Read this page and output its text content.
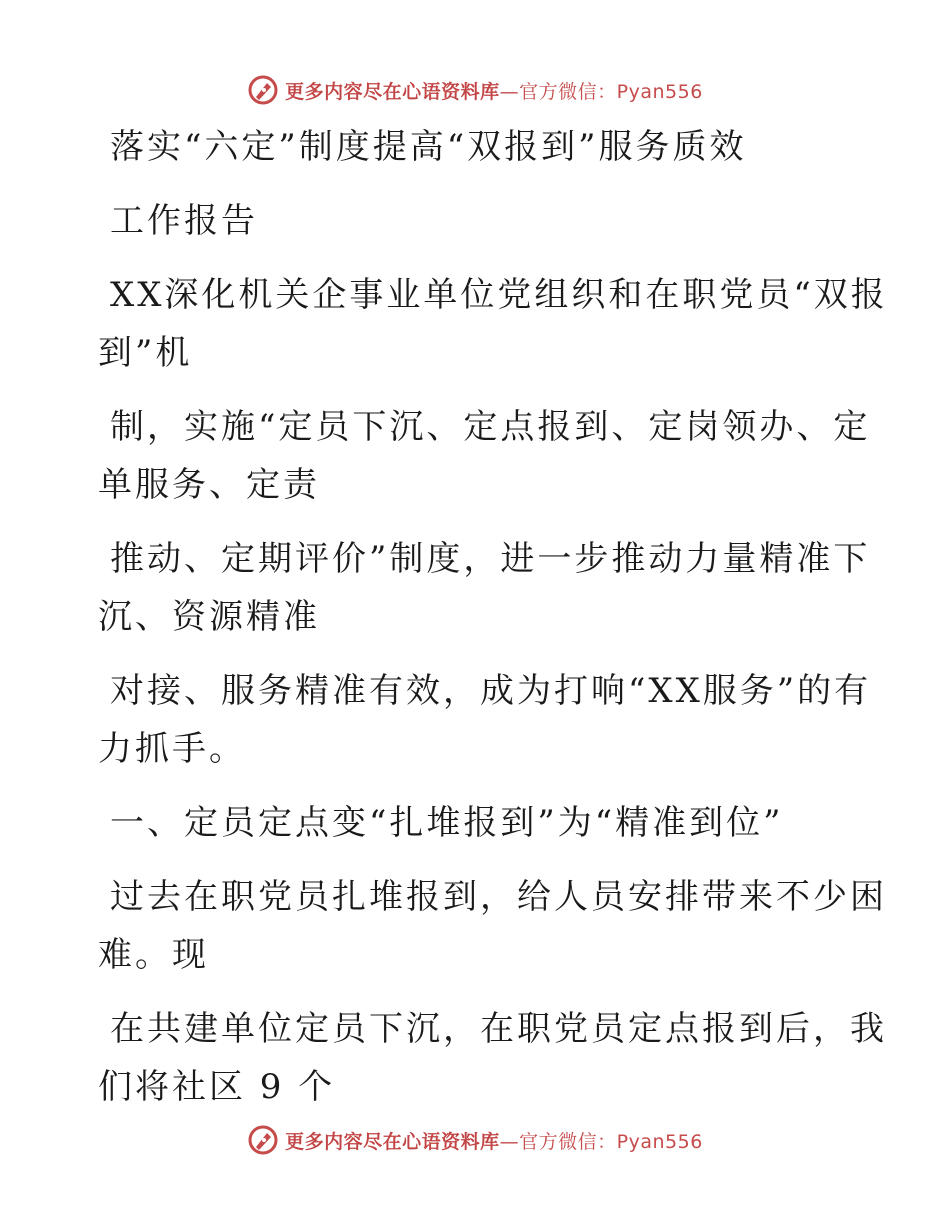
更多内容尽在心语资料库—官方微信：Pyan556
落实“六定”制度提高“双报到”服务质效
工作报告
XX深化机关企事业单位党组织和在职党员“双报
到”机
制，实施“定员下沉、定点报到、定岗领办、定
单服务、定责
推动、定期评价”制度，进一步推动力量精准下
沉、资源精准
对接、服务精准有效，成为打响“XX服务”的有
力抓手。
一、定员定点变“扎堆报到”为“精准到位”
过去在职党员扎堆报到，给人员安排带来不少困
难。现
在共建单位定员下沉，在职党员定点报到后，我
们将社区 9 个
更多内容尽在心语资料库—官方微信：Pyan556
